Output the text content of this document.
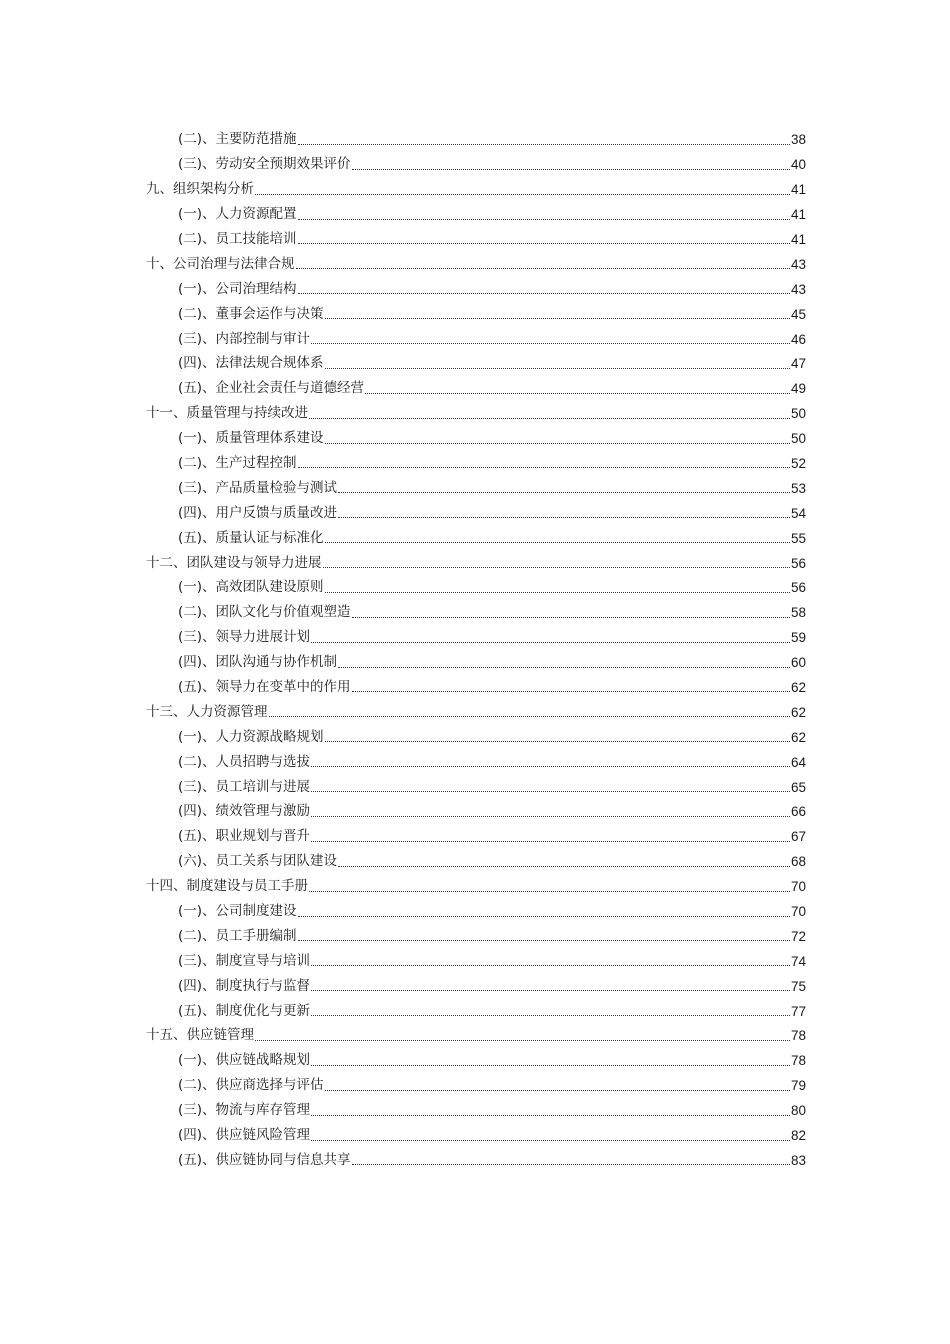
(二)、主要防范措施	38
(三)、劳动安全预期效果评价	40
九、组织架构分析	41
(一)、人力资源配置	41
(二)、员工技能培训	41
十、公司治理与法律合规	43
(一)、公司治理结构	43
(二)、董事会运作与决策	45
(三)、内部控制与审计	46
(四)、法律法规合规体系	47
(五)、企业社会责任与道德经营	49
十一、质量管理与持续改进	50
(一)、质量管理体系建设	50
(二)、生产过程控制	52
(三)、产品质量检验与测试	53
(四)、用户反馈与质量改进	54
(五)、质量认证与标准化	55
十二、团队建设与领导力进展	56
(一)、高效团队建设原则	56
(二)、团队文化与价值观塑造	58
(三)、领导力进展计划	59
(四)、团队沟通与协作机制	60
(五)、领导力在变革中的作用	62
十三、人力资源管理	62
(一)、人力资源战略规划	62
(二)、人员招聘与选拔	64
(三)、员工培训与进展	65
(四)、绩效管理与激励	66
(五)、职业规划与晋升	67
(六)、员工关系与团队建设	68
十四、制度建设与员工手册	70
(一)、公司制度建设	70
(二)、员工手册编制	72
(三)、制度宣导与培训	74
(四)、制度执行与监督	75
(五)、制度优化与更新	77
十五、供应链管理	78
(一)、供应链战略规划	78
(二)、供应商选择与评估	79
(三)、物流与库存管理	80
(四)、供应链风险管理	82
(五)、供应链协同与信息共享	83
